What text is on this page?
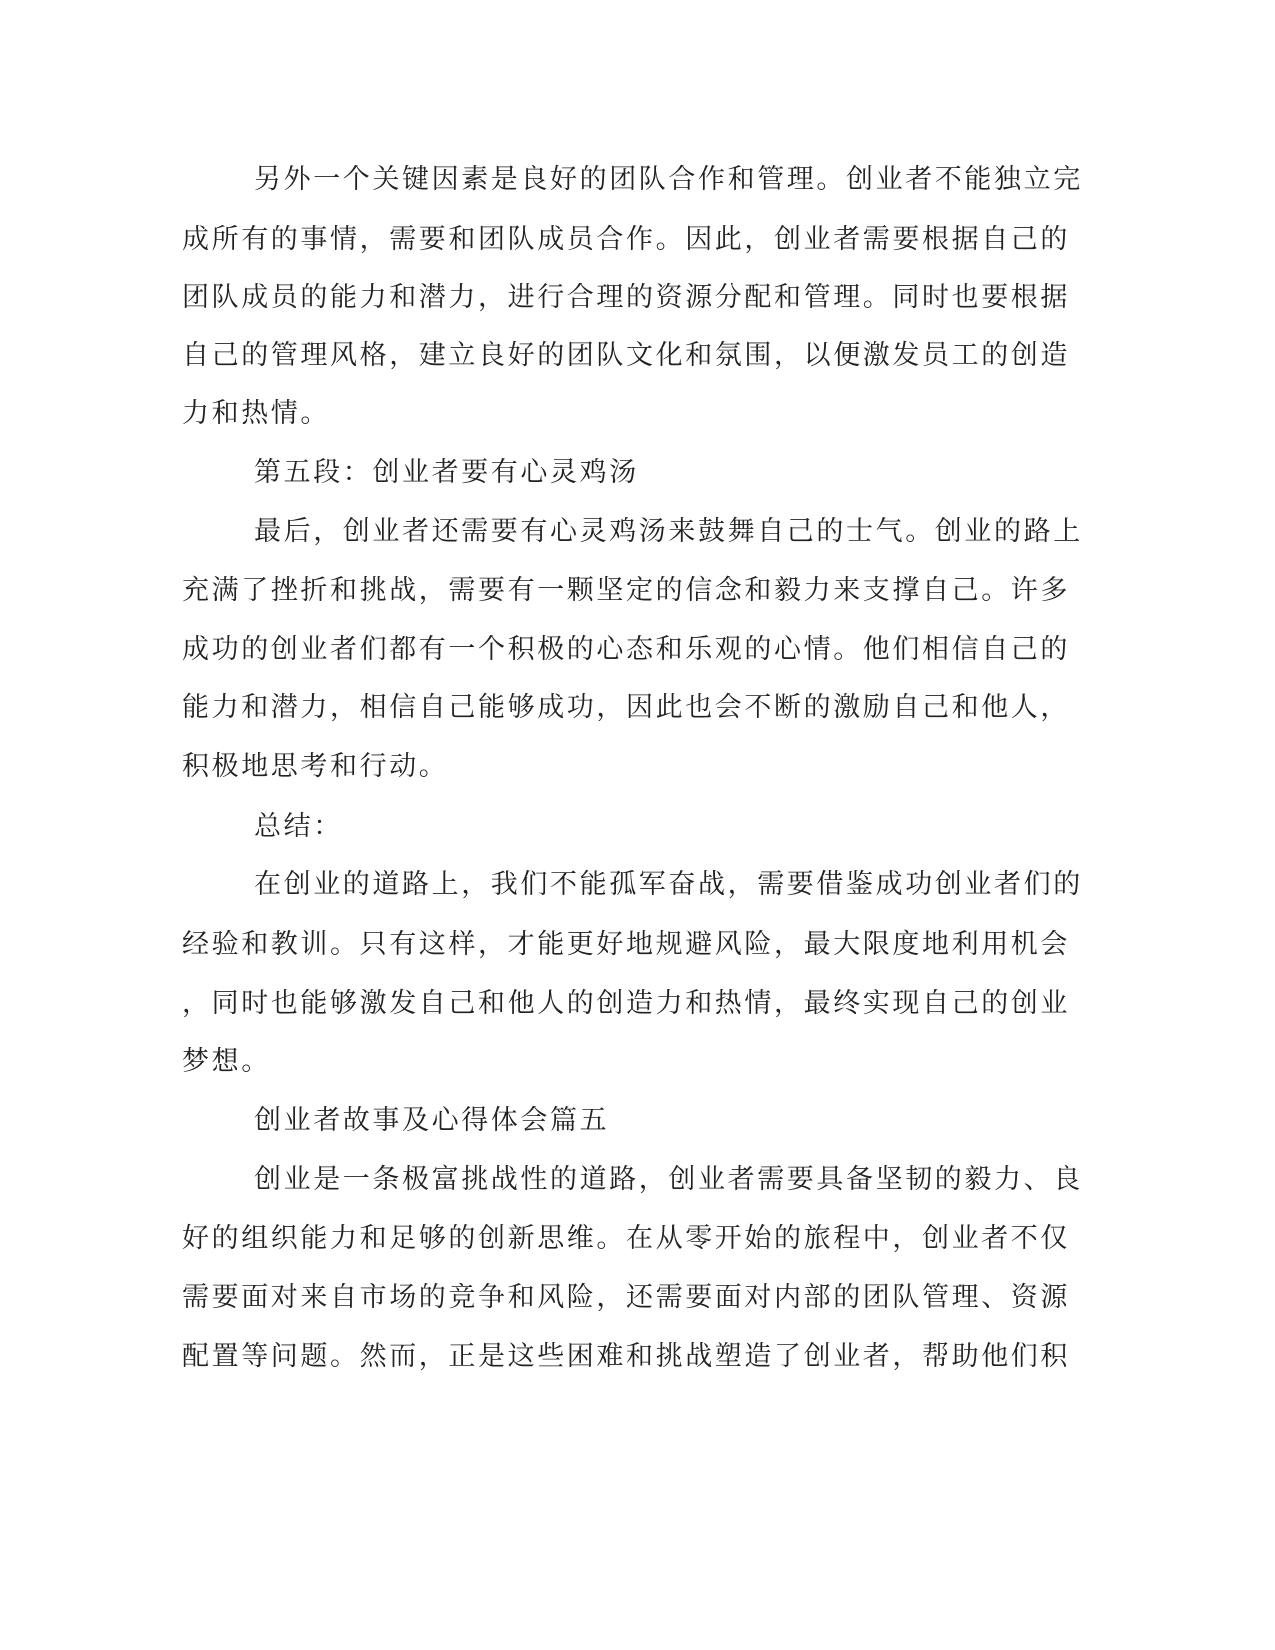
另外一个关键因素是良好的团队合作和管理。创业者不能独立完
成所有的事情，需要和团队成员合作。因此，创业者需要根据自己的
团队成员的能力和潜力，进行合理的资源分配和管理。同时也要根据
自己的管理风格，建立良好的团队文化和氛围，以便激发员工的创造
力和热情。
第五段：创业者要有心灵鸡汤
最后，创业者还需要有心灵鸡汤来鼓舞自己的士气。创业的路上
充满了挫折和挑战，需要有一颗坚定的信念和毅力来支撑自己。许多
成功的创业者们都有一个积极的心态和乐观的心情。他们相信自己的
能力和潜力，相信自己能够成功，因此也会不断的激励自己和他人，
积极地思考和行动。
总结：
在创业的道路上，我们不能孤军奋战，需要借鉴成功创业者们的
经验和教训。只有这样，才能更好地规避风险，最大限度地利用机会
，同时也能够激发自己和他人的创造力和热情，最终实现自己的创业
梦想。
创业者故事及心得体会篇五
创业是一条极富挑战性的道路，创业者需要具备坚韧的毅力、良
好的组织能力和足够的创新思维。在从零开始的旅程中，创业者不仅
需要面对来自市场的竞争和风险，还需要面对内部的团队管理、资源
配置等问题。然而，正是这些困难和挑战塑造了创业者，帮助他们积
